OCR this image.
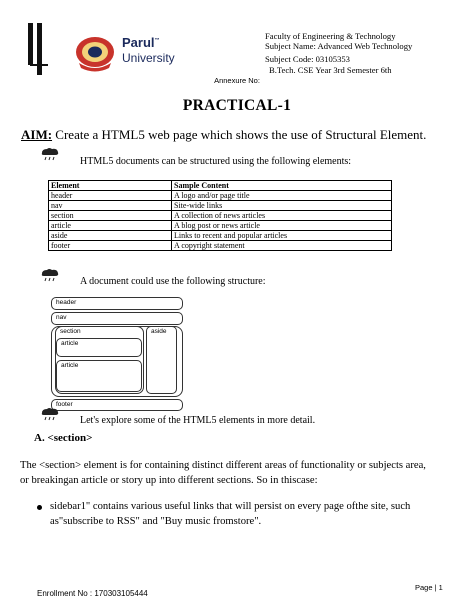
Parul™
University
Faculty of Engineering & Technology
Subject Name: Advanced Web Technology
Subject Code: 03105353
B.Tech. CSE Year 3rd Semester 6th
Annexure No:
PRACTICAL-1
AIM: Create a HTML5 web page which shows the use of Structural Element.
HTML5 documents can be structured using the following elements:
Element	Sample Content
header	A logo and/or page title
nav	Site-wide links
section	A collection of news articles
article	A blog post or news article
aside	Links to recent and popular articles
footer	A copyright statement
A document could use the following structure:
header
nav
section	aside
article
article
footer
Let's explore some of the HTML5 elements in more detail.
A. <section>
The <section> element is for containing distinct different areas of functionality or subjects area,
or breakingan article or story up into different sections. So in thiscase:
sidebar1" contains various useful links that will persist on every page ofthe site, such
as"subscribe to RSS" and "Buy music fromstore".
Enrollment No : 170303105444
Page | 1
